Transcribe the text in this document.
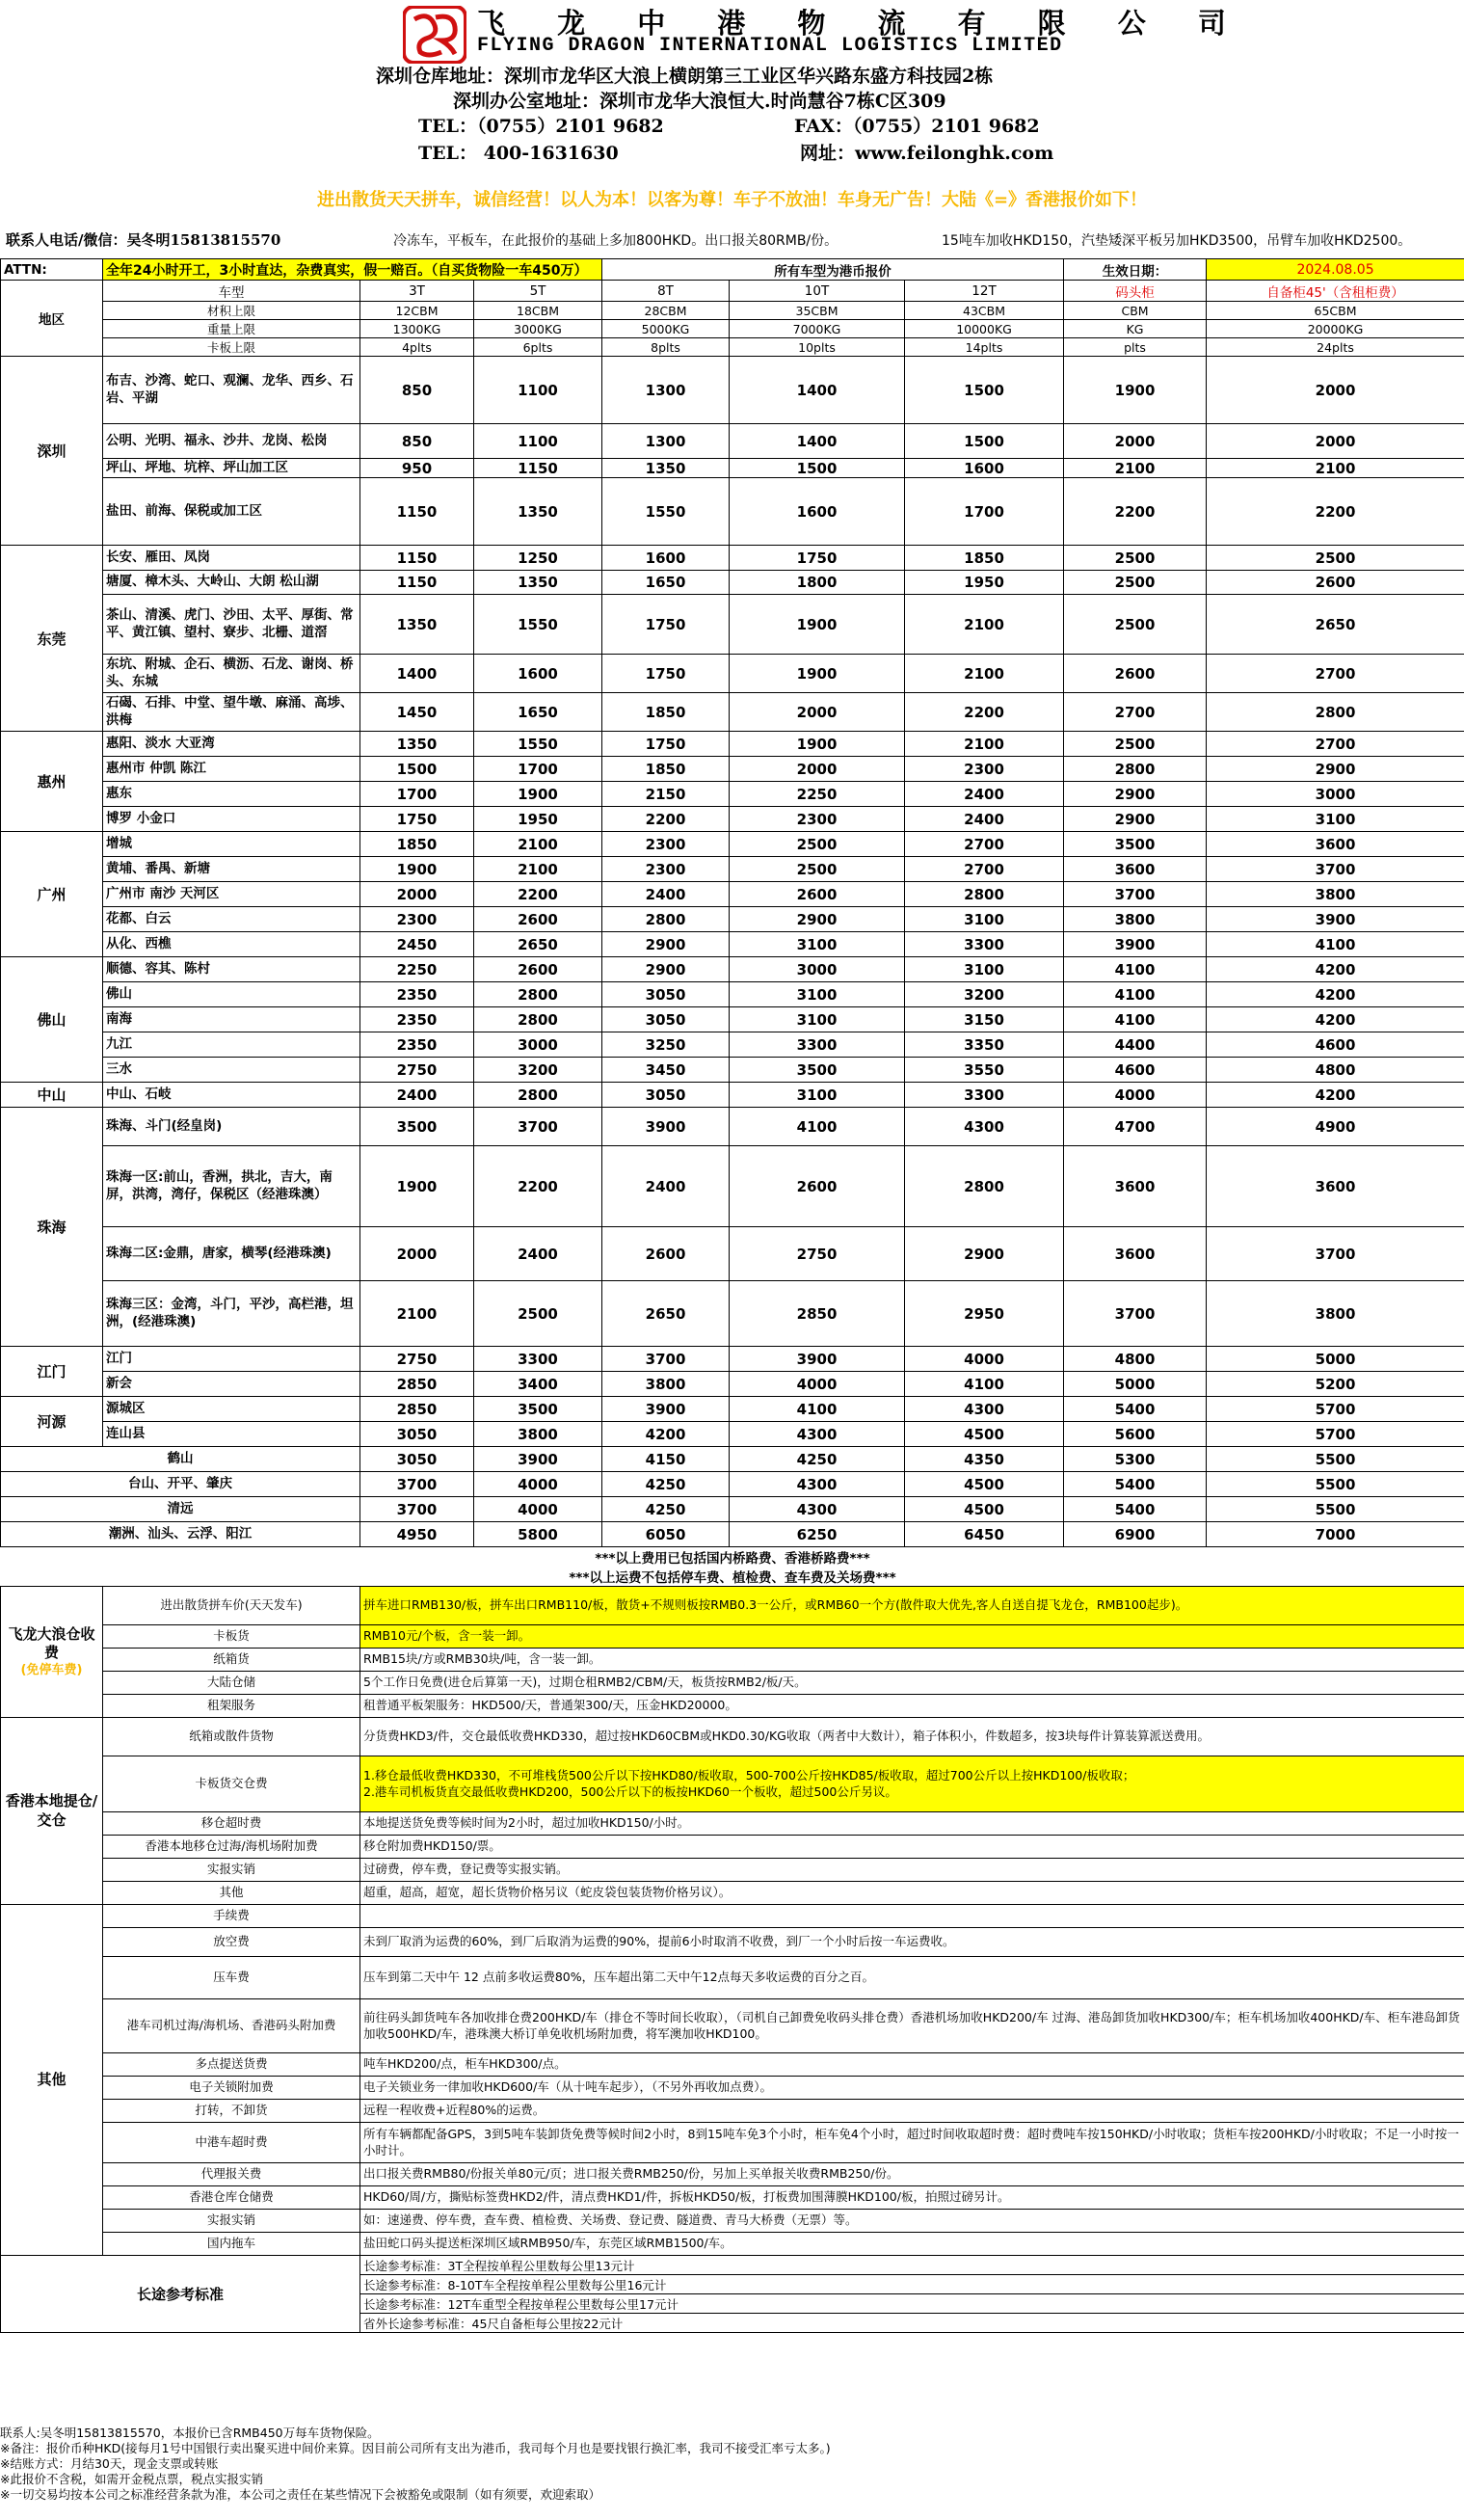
飞 龙 中 港 物 流 有 限 公 司
FLYING DRAGON INTERNATIONAL LOGISTICS LIMITED
深圳仓库地址：深圳市龙华区大浪上横朗第三工业区华兴路东盛方科技园2栋
深圳办公室地址：深圳市龙华大浪恒大.时尚慧谷7栋C区309
TEL：（0755）2101 9682	FAX：（0755）2101 9682
TEL： 400-1631630	网址：www.feilonghk.com
进出散货天天拼车，诚信经营！以人为本！以客为尊！车子不放油！车身无广告！大陆《=》香港报价如下！
联系人电话/微信：吴冬明15813815570	冷冻车，平板车，在此报价的基础上多加800HKD。出口报关80RMB/份。	15吨车加收HKD150，汽垫矮深平板另加HKD3500，吊臂车加收HKD2500。
ATTN:	全年24小时开工，3小时直达，杂费真实，假一赔百。（自买货物险一车450万）			所有车型为港币报价			生效日期：	2024.08.05
地区	车型	3T	5T	8T	10T	12T	码头柜	自备柜45'（含租柜费）
	材积上限	12CBM	18CBM	28CBM	35CBM	43CBM	CBM	65CBM
	重量上限	1300KG	3000KG	5000KG	7000KG	10000KG	KG	20000KG
	卡板上限	4plts	6plts	8plts	10plts	14plts	plts	24plts
深圳	布吉、沙湾、蛇口、观澜、龙华、西乡、石岩、平湖	850	1100	1300	1400	1500	1900	2000
	公明、光明、福永、沙井、龙岗、松岗	850	1100	1300	1400	1500	2000	2000
	坪山、坪地、坑梓、坪山加工区	950	1150	1350	1500	1600	2100	2100
	盐田、前海、保税或加工区	1150	1350	1550	1600	1700	2200	2200
东莞	长安、雁田、凤岗	1150	1250	1600	1750	1850	2500	2500
	塘厦、樟木头、大岭山、大朗 松山湖	1150	1350	1650	1800	1950	2500	2600
	茶山、清溪、虎门、沙田、太平、厚街、常平、黄江镇、望村、寮步、北栅、道滘	1350	1550	1750	1900	2100	2500	2650
	东坑、附城、企石、横沥、石龙、谢岗、桥头、东城	1400	1600	1750	1900	2100	2600	2700
	石碣、石排、中堂、望牛墩、麻涌、高埗、洪梅	1450	1650	1850	2000	2200	2700	2800
惠州	惠阳、淡水 大亚湾	1350	1550	1750	1900	2100	2500	2700
	惠州市 仲凯 陈江	1500	1700	1850	2000	2300	2800	2900
	惠东	1700	1900	2150	2250	2400	2900	3000
	博罗 小金口	1750	1950	2200	2300	2400	2900	3100
广州	增城	1850	2100	2300	2500	2700	3500	3600
	黄埔、番禺、新塘	1900	2100	2300	2500	2700	3600	3700
	广州市 南沙 天河区	2000	2200	2400	2600	2800	3700	3800
	花都、白云	2300	2600	2800	2900	3100	3800	3900
	从化、西樵	2450	2650	2900	3100	3300	3900	4100
佛山	顺德、容其、陈村	2250	2600	2900	3000	3100	4100	4200
	佛山	2350	2800	3050	3100	3200	4100	4200
	南海	2350	2800	3050	3100	3150	4100	4200
	九江	2350	3000	3250	3300	3350	4400	4600
	三水	2750	3200	3450	3500	3550	4600	4800
中山	中山、石岐	2400	2800	3050	3100	3300	4000	4200
珠海	珠海、斗门(经皇岗)	3500	3700	3900	4100	4300	4700	4900
	珠海一区:前山，香洲，拱北，吉大，南屏，洪湾，湾仔，保税区（经港珠澳）	1900	2200	2400	2600	2800	3600	3600
	珠海二区:金鼎，唐家，横琴(经港珠澳)	2000	2400	2600	2750	2900	3600	3700
	珠海三区：金湾，斗门，平沙，高栏港，坦洲，(经港珠澳)	2100	2500	2650	2850	2950	3700	3800
江门	江门	2750	3300	3700	3900	4000	4800	5000
	新会	2850	3400	3800	4000	4100	5000	5200
河源	源城区	2850	3500	3900	4100	4300	5400	5700
	连山县	3050	3800	4200	4300	4500	5600	5700
鹤山		3050	3900	4150	4250	4350	5300	5500
台山、开平、肇庆		3700	4000	4250	4300	4500	5400	5500
清远		3700	4000	4250	4300	4500	5400	5500
潮洲、汕头、云浮、阳江		4950	5800	6050	6250	6450	6900	7000
***以上费用已包括国内桥路费、香港桥路费***								
***以上运费不包括停车费、植检费、查车费及关场费***								

飞龙大浪仓收费
(免停车费)	进出散货拼车价(天天发车)	拼车进口RMB130/板，拼车出口RMB110/板，散货+不规则板按RMB0.3一公斤，或RMB60一个方(散件取大优先,客人自送自提飞龙仓，RMB100起步)。						

	卡板货	RMB10元/个板，含一装一卸。						

	纸箱货	RMB15块/方或RMB30块/吨，含一装一卸。						

	大陆仓储	5个工作日免费(进仓后算第一天)，过期仓租RMB2/CBM/天，板货按RMB2/板/天。						

	租架服务	租普通平板架服务：HKD500/天，普通架300/天，压金HKD20000。						

香港本地提仓/交仓	纸箱或散件货物	分货费HKD3/件，交仓最低收费HKD330，超过按HKD60CBM或HKD0.30/KG收取（两者中大数计），箱子体积小，件数超多，按3块每件计算装算派送费用。						

	卡板货交仓费	1.移仓最低收费HKD330，不可堆栈货500公斤以下按HKD80/板收取，500-700公斤按HKD85/板收取，超过700公斤以上按HKD100/板收取；
2.港车司机板货直交最低收费HKD200，500公斤以下的板按HKD60一个板收，超过500公斤另议。						

	移仓超时费	本地提送货免费等候时间为2小时，超过加收HKD150/小时。						

	香港本地移仓过海/海机场附加费	移仓附加费HKD150/票。						

	实报实销	过磅费，停车费，登记费等实报实销。						

	其他	超重，超高，超宽，超长货物价格另议（蛇皮袋包装货物价格另议）。						

其他	手续费							

	放空费	未到厂取消为运费的60%，到厂后取消为运费的90%，提前6小时取消不收费，到厂一个小时后按一车运费收。						

	压车费	压车到第二天中午 12 点前多收运费80%，压车超出第二天中午12点每天多收运费的百分之百。						

	港车司机过海/海机场、香港码头附加费	前往码头卸货吨车各加收排仓费200HKD/车（排仓不等时间长收取），（司机自己卸费免收码头排仓费）香港机场加收HKD200/车 过海、港岛卸货加收HKD300/车；柜车机场加收400HKD/车、柜车港岛卸货加收500HKD/车，港珠澳大桥订单免收机场附加费，将军澳加收HKD100。						

	多点提送货费	吨车HKD200/点，柜车HKD300/点。						

	电子关锁附加费	电子关锁业务一律加收HKD600/车（从十吨车起步），（不另外再收加点费）。						

	打转，不卸货	远程一程收费+近程80%的运费。						

	中港车超时费	所有车辆都配备GPS，3到5吨车装卸货免费等候时间2小时，8到15吨车免3个小时，柜车免4个小时，超过时间收取超时费：超时费吨车按150HKD/小时收取；货柜车按200HKD/小时收取；不足一小时按一小时计。						

	代理报关费	出口报关费RMB80/份报关单80元/页；进口报关费RMB250/份，另加上买单报关收费RMB250/份。						

	香港仓库仓储费	HKD60/周/方，撕贴标签费HKD2/件，清点费HKD1/件，拆板HKD50/板，打板费加围薄膜HKD100/板，拍照过磅另计。						

	实报实销	如：速递费、停车费，查车费、植检费、关场费、登记费、隧道费、青马大桥费（无票）等。						

	国内拖车	盐田蛇口码头提送柜深圳区域RMB950/车，东莞区域RMB1500/车。						

长途参考标准		长途参考标准：3T全程按单程公里数每公里13元计						
		长途参考标准：8-10T车全程按单程公里数每公里16元计						
		长途参考标准：12T车重型全程按单程公里数每公里17元计						
		省外长途参考标准：45尺自备柜每公里按22元计						
联系人:吴冬明15813815570，本报价已含RMB450万每车货物保险。
※备注：报价币种HKD(接每月1号中国银行卖出聚买进中间价来算。因目前公司所有支出为港币，我司每个月也是要找银行换汇率，我司不接受汇率亏太多。)
※结账方式：月结30天，现金支票或转账
※此报价不含税，如需开金税点票，税点实报实销
※一切交易均按本公司之标准经营条款为准，本公司之责任在某些情况下会被豁免或限制（如有须要，欢迎索取）
